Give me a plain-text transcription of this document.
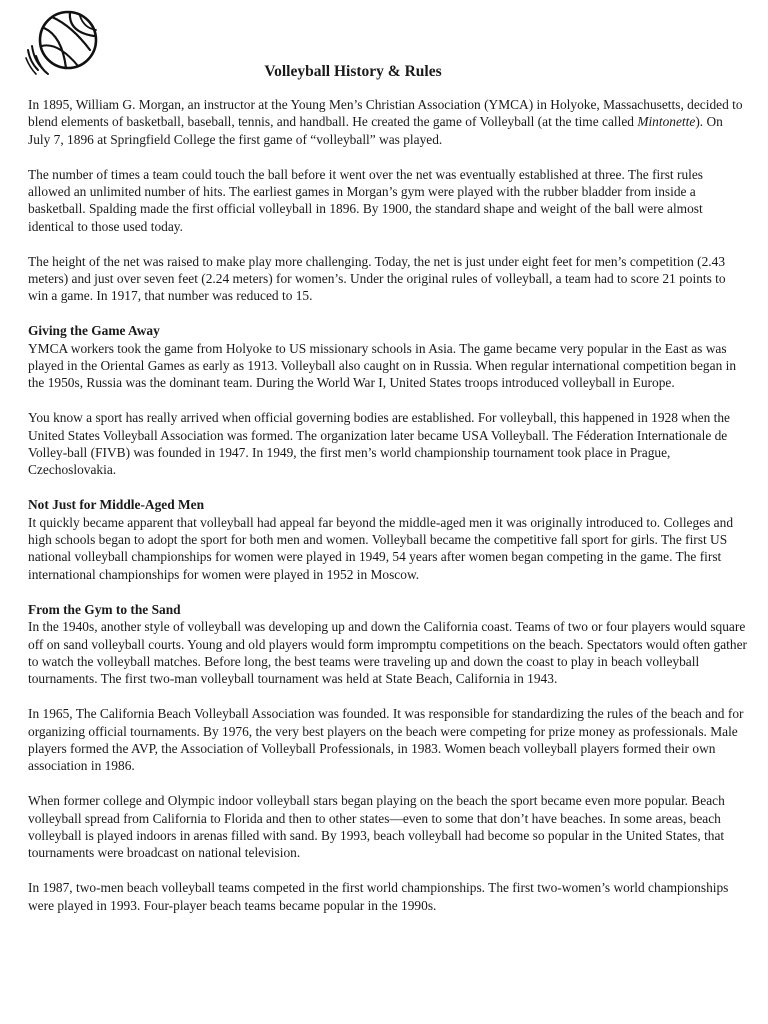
Volleyball History & Rules

In 1895, William G. Morgan, an instructor at the Young Men’s Christian Association (YMCA) in Holyoke, Massachusetts, decided to blend elements of basketball, baseball, tennis, and handball. He created the game of Volleyball (at the time called Mintonette). On July 7, 1896 at Springfield College the first game of “volleyball” was played.

The number of times a team could touch the ball before it went over the net was eventually established at three. The first rules allowed an unlimited number of hits. The earliest games in Morgan’s gym were played with the rubber bladder from inside a basketball. Spalding made the first official volleyball in 1896. By 1900, the standard shape and weight of the ball were almost identical to those used today.

The height of the net was raised to make play more challenging. Today, the net is just under eight feet for men’s competition (2.43 meters) and just over seven feet (2.24 meters) for women’s. Under the original rules of volleyball, a team had to score 21 points to win a game. In 1917, that number was reduced to 15.

Giving the Game Away

YMCA workers took the game from Holyoke to US missionary schools in Asia. The game became very popular in the East as was played in the Oriental Games as early as 1913. Volleyball also caught on in Russia. When regular international competition began in the 1950s, Russia was the dominant team. During the World War I, United States troops introduced volleyball in Europe.

You know a sport has really arrived when official governing bodies are established. For volleyball, this happened in 1928 when the United States Volleyball Association was formed. The organization later became USA Volleyball. The Féderation Internationale de Volley-ball (FIVB) was founded in 1947. In 1949, the first men’s world championship tournament took place in Prague, Czechoslovakia.

Not Just for Middle-Aged Men

It quickly became apparent that volleyball had appeal far beyond the middle-aged men it was originally introduced to. Colleges and high schools began to adopt the sport for both men and women. Volleyball became the competitive fall sport for girls. The first US national volleyball championships for women were played in 1949, 54 years after women began competing in the game. The first international championships for women were played in 1952 in Moscow.

From the Gym to the Sand

In the 1940s, another style of volleyball was developing up and down the California coast. Teams of two or four players would square off on sand volleyball courts. Young and old players would form impromptu competitions on the beach. Spectators would often gather to watch the volleyball matches. Before long, the best teams were traveling up and down the coast to play in beach volleyball tournaments. The first two-man volleyball tournament was held at State Beach, California in 1943.

In 1965, The California Beach Volleyball Association was founded. It was responsible for standardizing the rules of the beach and for organizing official tournaments. By 1976, the very best players on the beach were competing for prize money as professionals. Male players formed the AVP, the Association of Volleyball Professionals, in 1983. Women beach volleyball players formed their own association in 1986.

When former college and Olympic indoor volleyball stars began playing on the beach the sport became even more popular. Beach volleyball spread from California to Florida and then to other states—even to some that don’t have beaches. In some areas, beach volleyball is played indoors in arenas filled with sand. By 1993, beach volleyball had become so popular in the United States, that tournaments were broadcast on national television.

In 1987, two-men beach volleyball teams competed in the first world championships. The first two-women’s world championships were played in 1993. Four-player beach teams became popular in the 1990s.
